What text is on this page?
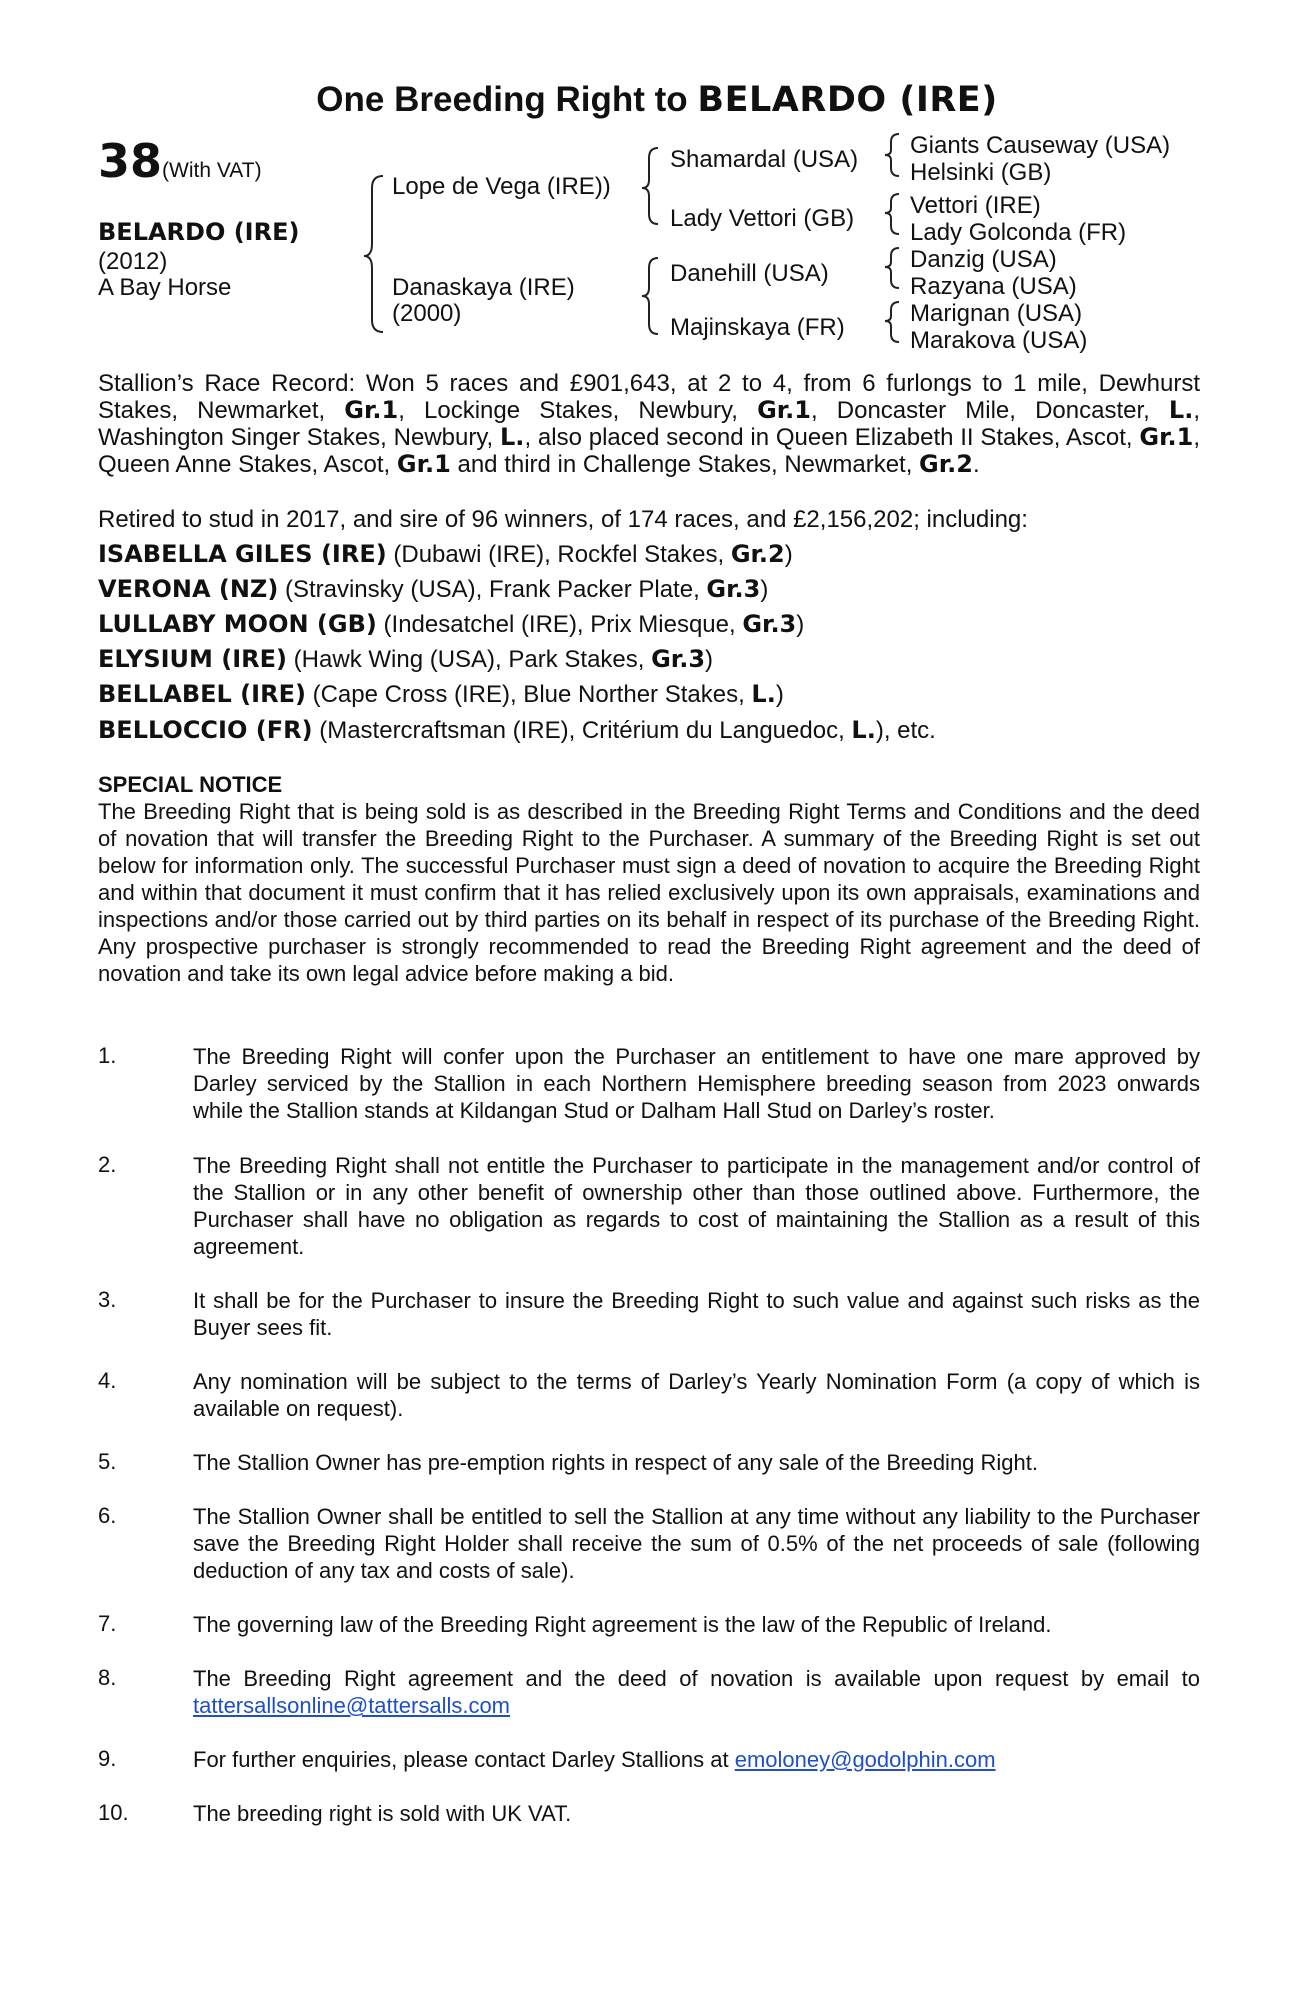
One Breeding Right to BELARDO (IRE)
38(With VAT)
BELARDO (IRE)
(2012)
A Bay Horse
Lope de Vega (IRE))
Danaskaya (IRE)
(2000)
Shamardal (USA)
Lady Vettori (GB)
Danehill (USA)
Majinskaya (FR)
Giants Causeway (USA)
Helsinki (GB)
Vettori (IRE)
Lady Golconda (FR)
Danzig (USA)
Razyana (USA)
Marignan (USA)
Marakova (USA)
Stallion’s Race Record: Won 5 races and £901,643, at 2 to 4, from 6 furlongs to 1 mile, Dewhurst Stakes, Newmarket, Gr.1, Lockinge Stakes, Newbury, Gr.1, Doncaster Mile, Doncaster, L., Washington Singer Stakes, Newbury, L., also placed second in Queen Elizabeth II Stakes, Ascot, Gr.1, Queen Anne Stakes, Ascot, Gr.1 and third in Challenge Stakes, Newmarket, Gr.2.
Retired to stud in 2017, and sire of 96 winners, of 174 races, and £2,156,202; including:
ISABELLA GILES (IRE) (Dubawi (IRE), Rockfel Stakes, Gr.2)
VERONA (NZ) (Stravinsky (USA), Frank Packer Plate, Gr.3)
LULLABY MOON (GB) (Indesatchel (IRE), Prix Miesque, Gr.3)
ELYSIUM (IRE) (Hawk Wing (USA), Park Stakes, Gr.3)
BELLABEL (IRE) (Cape Cross (IRE), Blue Norther Stakes, L.)
BELLOCCIO (FR) (Mastercraftsman (IRE), Critérium du Languedoc, L.), etc.
SPECIAL NOTICE
The Breeding Right that is being sold is as described in the Breeding Right Terms and Conditions and the deed of novation that will transfer the Breeding Right to the Purchaser. A summary of the Breeding Right is set out below for information only. The successful Purchaser must sign a deed of novation to acquire the Breeding Right and within that document it must confirm that it has relied exclusively upon its own appraisals, examinations and inspections and/or those carried out by third parties on its behalf in respect of its purchase of the Breeding Right. Any prospective purchaser is strongly recommended to read the Breeding Right agreement and the deed of novation and take its own legal advice before making a bid.
1.	The Breeding Right will confer upon the Purchaser an entitlement to have one mare approved by Darley serviced by the Stallion in each Northern Hemisphere breeding season from 2023 onwards while the Stallion stands at Kildangan Stud or Dalham Hall Stud on Darley’s roster.
2.	The Breeding Right shall not entitle the Purchaser to participate in the management and/or control of the Stallion or in any other benefit of ownership other than those outlined above. Furthermore, the Purchaser shall have no obligation as regards to cost of maintaining the Stallion as a result of this agreement.
3.	It shall be for the Purchaser to insure the Breeding Right to such value and against such risks as the Buyer sees fit.
4.	Any nomination will be subject to the terms of Darley’s Yearly Nomination Form (a copy of which is available on request).
5.	The Stallion Owner has pre-emption rights in respect of any sale of the Breeding Right.
6.	The Stallion Owner shall be entitled to sell the Stallion at any time without any liability to the Purchaser save the Breeding Right Holder shall receive the sum of 0.5% of the net proceeds of sale (following deduction of any tax and costs of sale).
7.	The governing law of the Breeding Right agreement is the law of the Republic of Ireland.
8.	The Breeding Right agreement and the deed of novation is available upon request by email to tattersallsonline@tattersalls.com
9.	For further enquiries, please contact Darley Stallions at emoloney@godolphin.com
10.	The breeding right is sold with UK VAT.
